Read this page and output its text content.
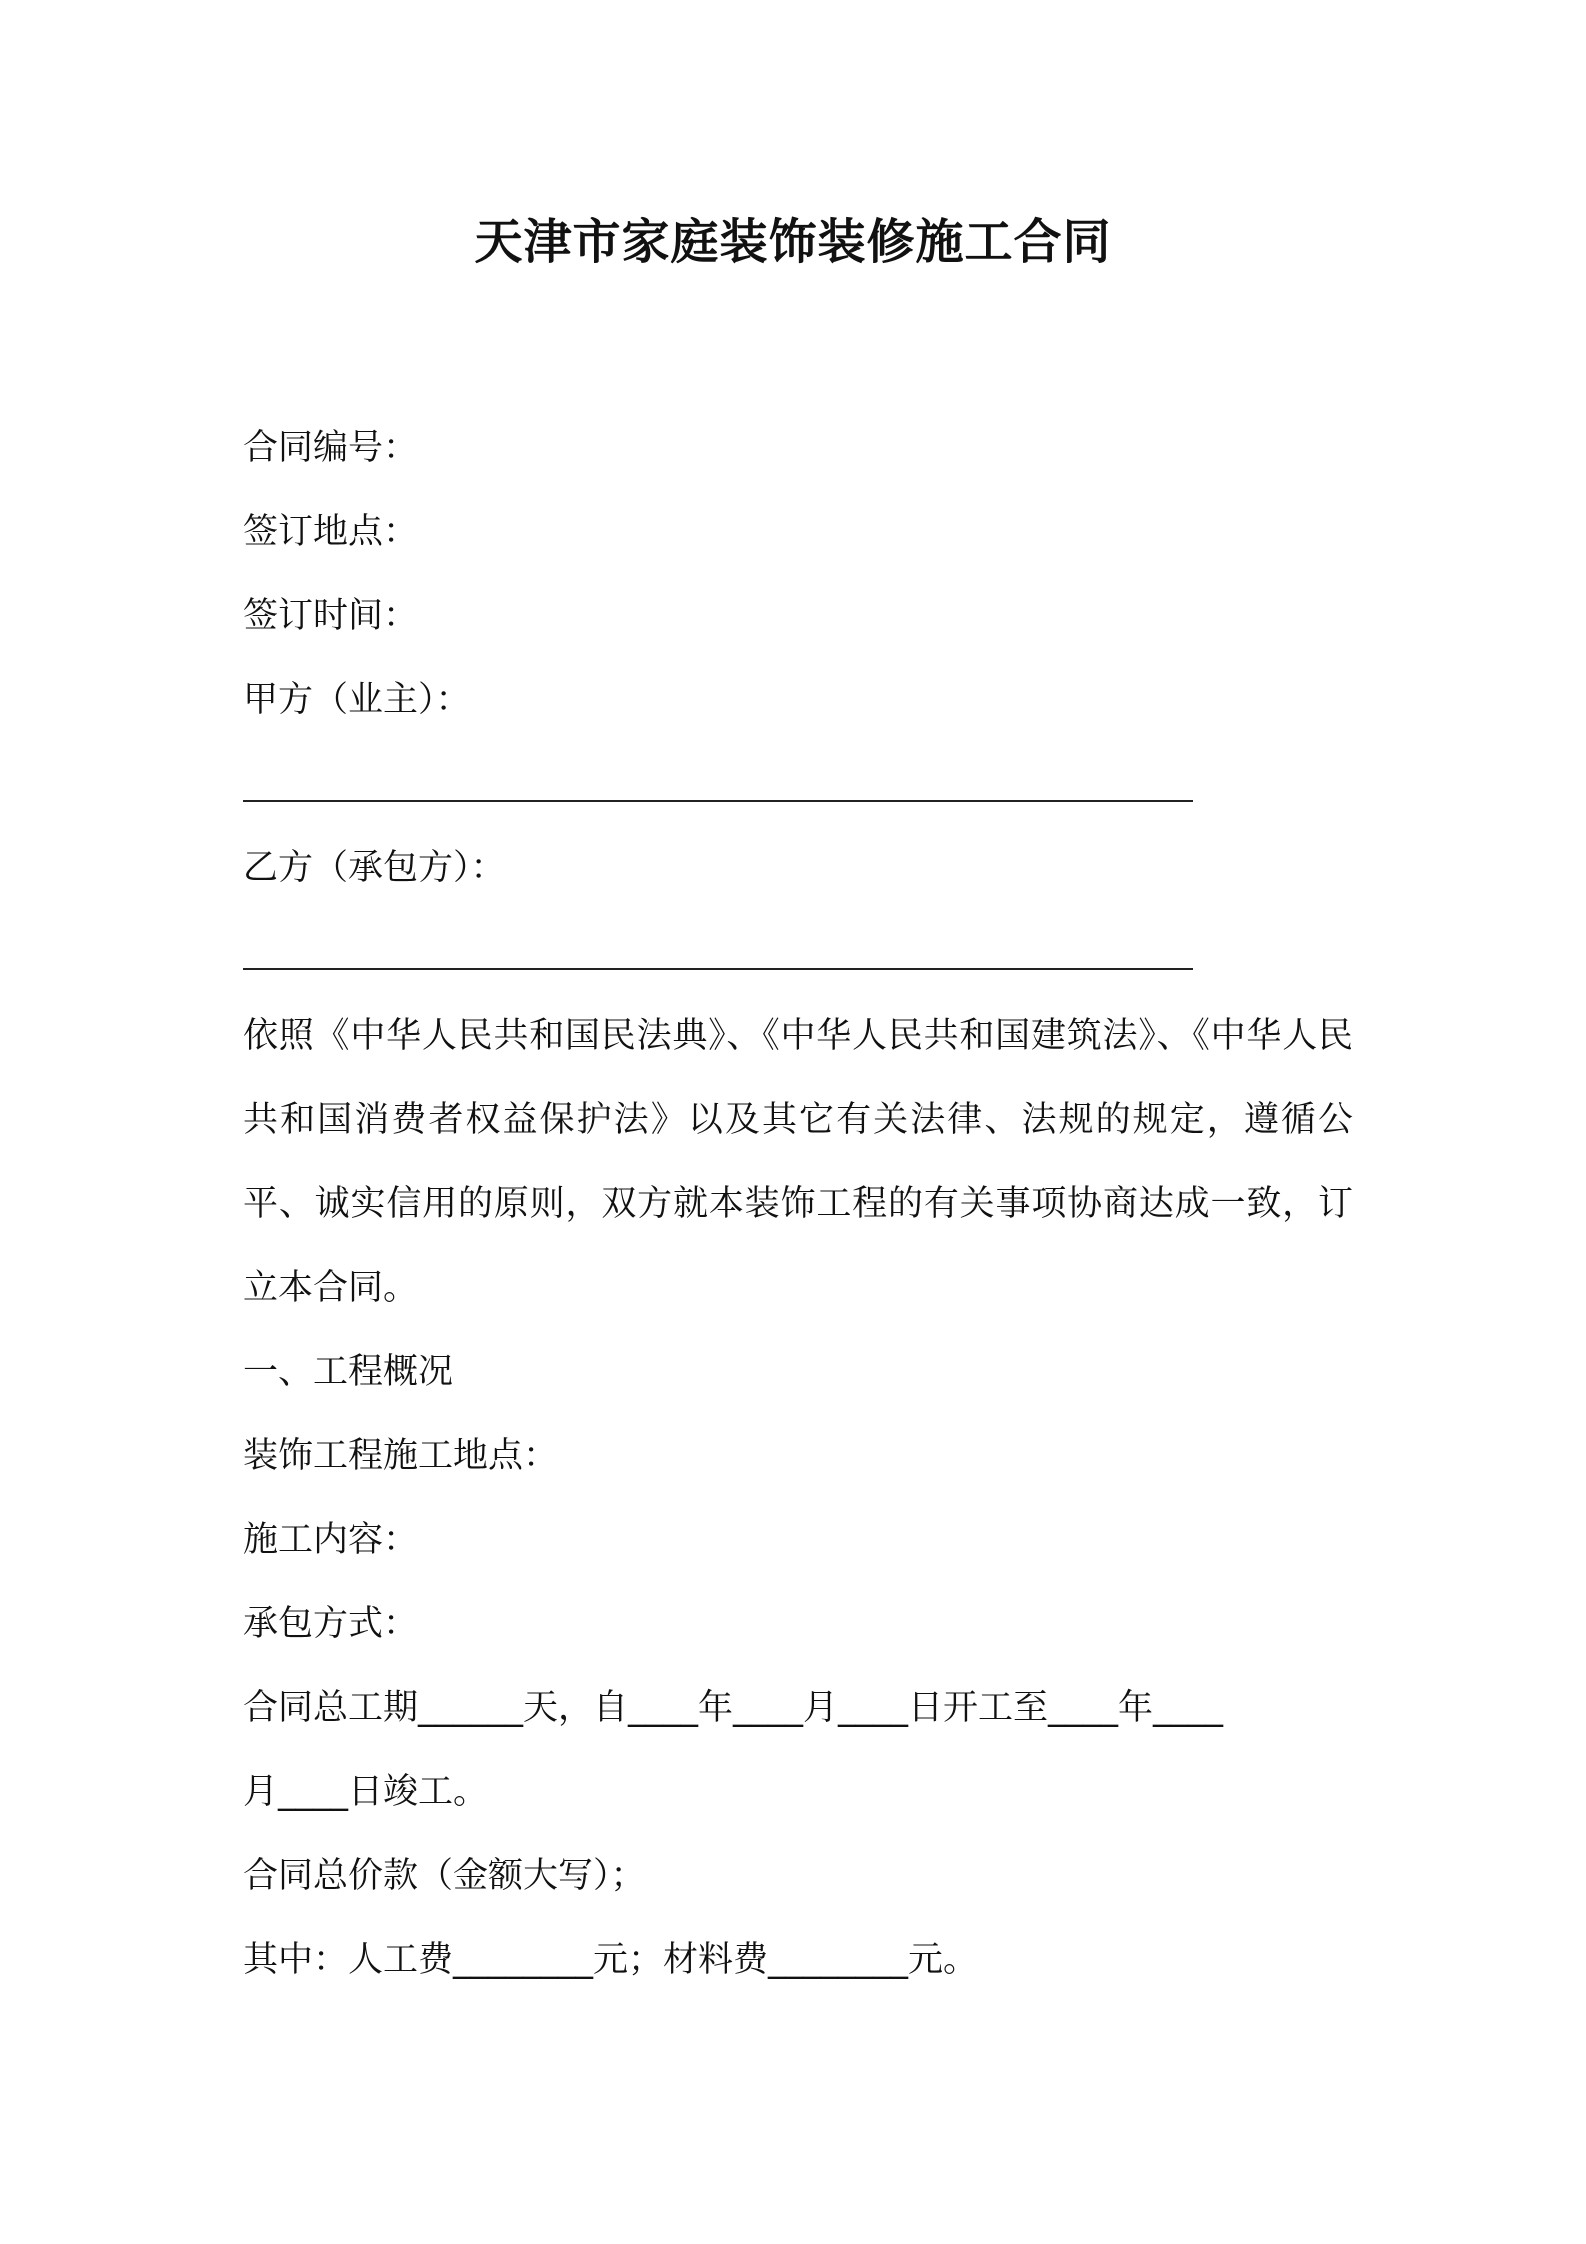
天津市家庭装饰装修施工合同
合同编号：
签订地点：
签订时间：
甲方（业主）：
乙方（承包方）：
依照《中华人民共和国民法典》、《中华人民共和国建筑法》、《中华人民共和国消费者权益保护法》以及其它有关法律、法规的规定，遵循公平、诚实信用的原则，双方就本装饰工程的有关事项协商达成一致，订立本合同。
一、工程概况
装饰工程施工地点：
施工内容：
承包方式：
合同总工期______天，自____年____月____日开工至____年____
月____日竣工。
合同总价款（金额大写）；
其中：人工费________元；材料费________元。
